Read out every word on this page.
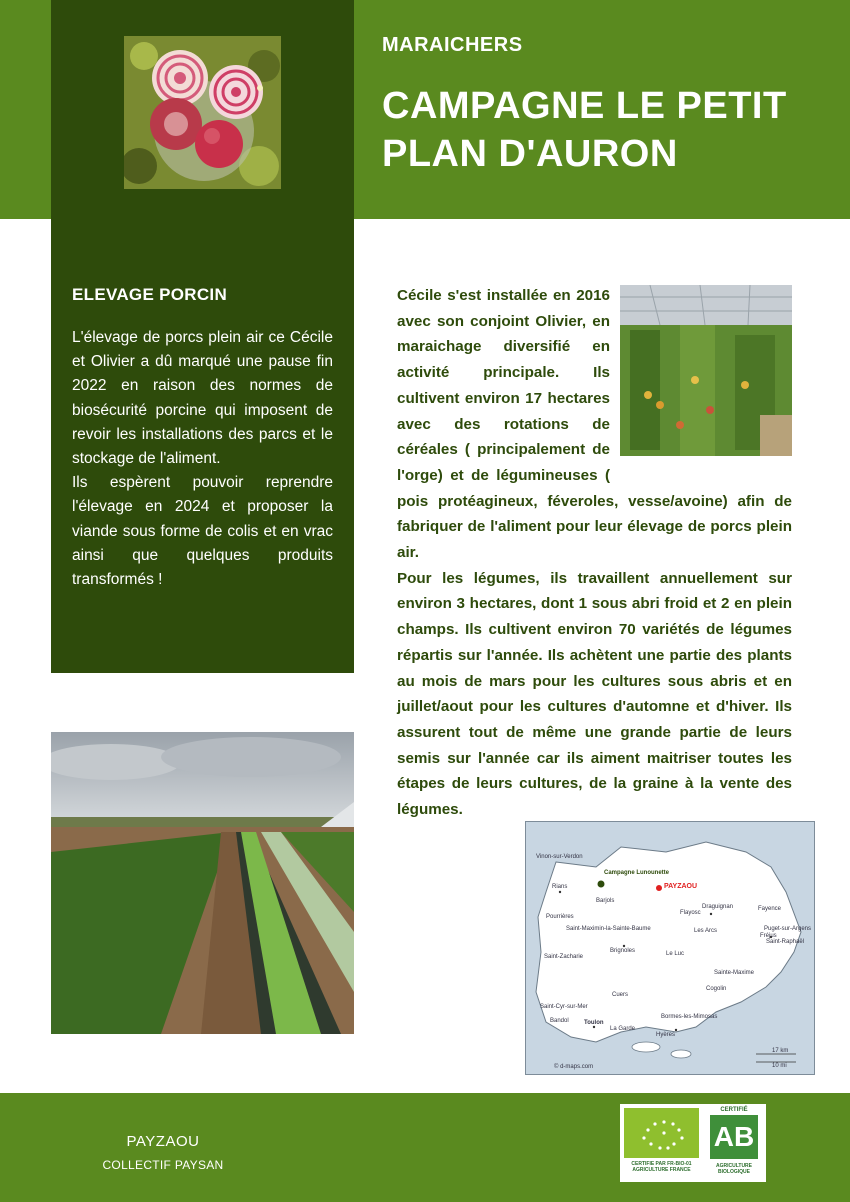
MARAICHERS
CAMPAGNE LE PETIT PLAN D'AURON
ELEVAGE PORCIN

L'élevage de porcs plein air ce Cécile et Olivier a dû marqué une pause fin 2022 en raison des normes de biosécurité porcine qui imposent de revoir les installations des parcs et le stockage de l'aliment.

Ils espèrent pouvoir reprendre l'élevage en 2024 et proposer la viande sous forme de colis et en vrac ainsi que quelques produits transformés !

Cécile s'est installée en 2016 avec son conjoint Olivier, en maraichage diversifié en activité principale. Ils cultivent environ 17 hectares avec des rotations de céréales ( principalement de l'orge) et de légumineuses ( pois protéagineux, féveroles, vesse/avoine) afin de fabriquer de l'aliment pour leur élevage de porcs plein air.

Pour les légumes, ils travaillent annuellement sur environ 3 hectares, dont 1 sous abri froid et 2 en plein champs. Ils cultivent environ 70 variétés de légumes répartis sur l'année. Ils achètent une partie des plants au mois de mars pour les cultures sous abris et en juillet/aout pour les cultures d'automne et d'hiver. Ils assurent tout de même une grande partie de leurs semis sur l'année car ils aiment maitriser toutes les étapes de leurs cultures, de la graine à la vente des légumes.

Campagne Lunounette
PAYZAOU
Vinon-sur-Verdon
Rians
Barjols
Draguignan	Fayence
Flayosc
Les Arcs	Puget-sur-Argens
Fréjus
Saint-Raphaël
Saint-Maximin-la-Sainte-Baume
Brignoles	Le Luc
Saint-Zacharie
Sainte-Maxime
Cogolin
Cuers
Bormes-les-Mimosas
Toulon
La Garde
Hyères
Bandol
Saint-Cyr-sur-Mer
Pourrières
17 km
10 mi
© d-maps.com
PAYZAOU
COLLECTIF PAYSAN	CERTIFIE PAR FR-BIO-01 AGRICULTURE FRANCE
CERTIFIÉ
AB
AGRICULTURE BIOLOGIQUE
